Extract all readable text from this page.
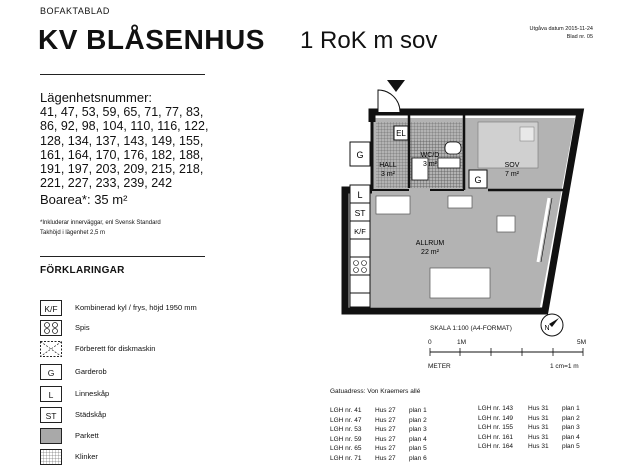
BOFAKTABLAD
KV BLÅSENHUS 1 RoK m sov	Utgåva datum 2015-11-24
Blad nr. 05
Lägenhetsnummer:
41, 47, 53, 59, 65, 71, 77, 83, 86, 92, 98, 104, 110, 116, 122, 128, 134, 137, 143, 149, 155, 161, 164, 170, 176, 182, 188, 191, 197, 203, 209, 215, 218, 221, 227, 233, 239, 242
Boarea*: 35 m²
*Inkluderar innerväggar, enl Svensk Standard
Takhöjd i lägenhet 2,5 m
FÖRKLARINGAR
K/F	Kombinerad kyl / frys, höjd 1950 mm
Spis
Förberett för diskmaskin
G	Garderob
L	Linneskåp
ST	Städskåp
Parkett
Klinker
EL
G
G
L
ST
K/F
HALL
3 m²
WC/D
3 m²	SOV
7 m²
ALLRUM
22 m²
N
SKALA 1:100 (A4-FORMAT)
0	1M	5M
METER	1 cm=1 m
Gatuadress: Von Kraemers allé
LGH nr. 41 Hus 27 plan 1
LGH nr. 47 Hus 27 plan 2
LGH nr. 53 Hus 27 plan 3
LGH nr. 59 Hus 27 plan 4
LGH nr. 65 Hus 27 plan 5
LGH nr. 71 Hus 27 plan 6
LGH nr. 143 Hus 31 plan 1
LGH nr. 149 Hus 31 plan 2
LGH nr. 155 Hus 31 plan 3
LGH nr. 161 Hus 31 plan 4
LGH nr. 164 Hus 31 plan 5
